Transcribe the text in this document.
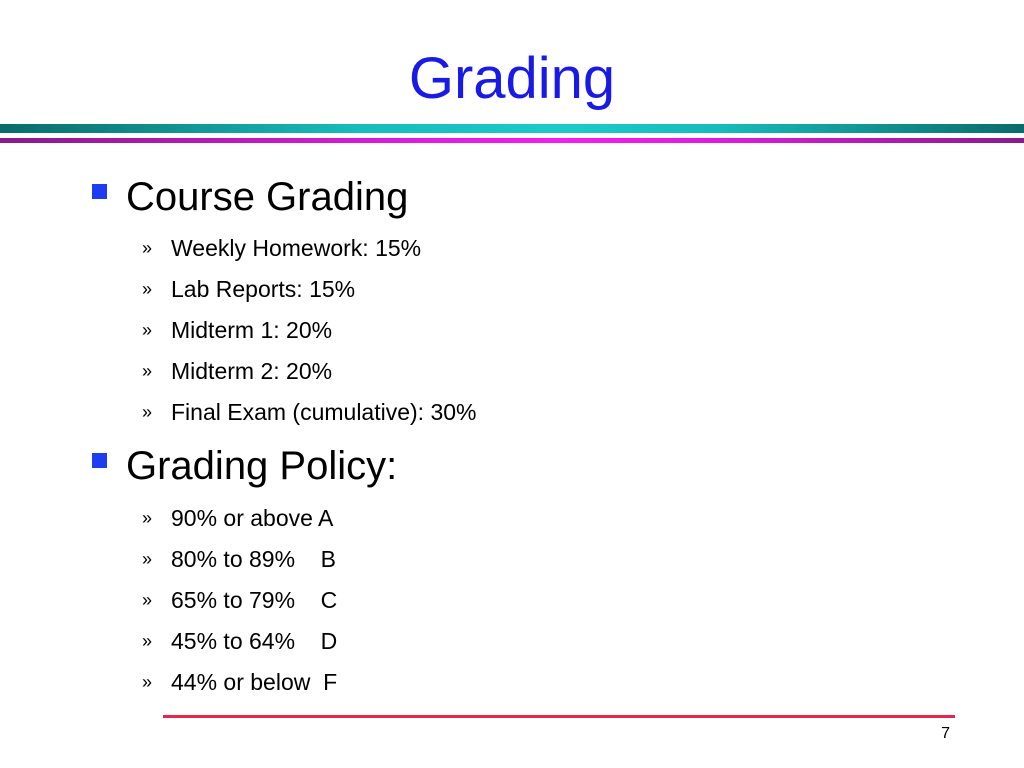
Grading
Course Grading
» Weekly Homework: 15%
» Lab Reports: 15%
» Midterm 1: 20%
» Midterm 2: 20%
» Final Exam (cumulative): 30%
Grading Policy:
» 90% or above A
» 80% to 89%    B
» 65% to 79%    C
» 45% to 64%    D
» 44% or below  F
7
